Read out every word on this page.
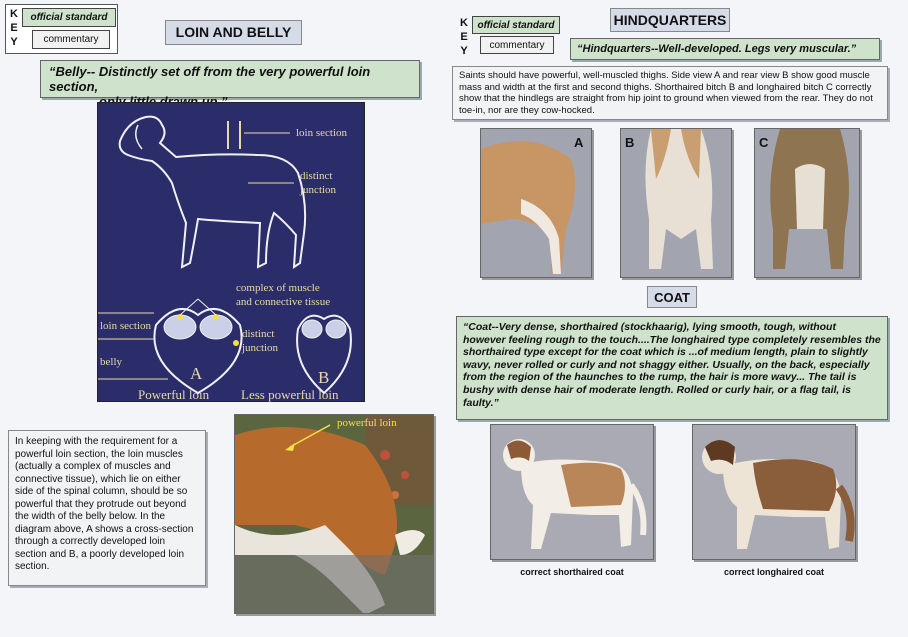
K
E
Y
official standard
commentary	LOIN AND BELLY
“Belly-- Distinctly set off from the very powerful loin section,
loin section
distinct
junction
complex of muscle
and connective tissue
loin section
belly
distinct
junction
A	B
Powerful loin Less powerful loin
In keeping with the requirement for a powerful loin section, the loin muscles (actually a complex of muscles and connective tissue), which lie on either side of the spinal column, should be so powerful that they protrude out beyond the width of the belly below. In the diagram above, A shows a cross-section through a correctly developed loin section and B, a poorly developed loin section.
powerful loin
K
E
Y
official standard
commentary
HINDQUARTERS
“Hindquarters--Well-developed. Legs very muscular.”
Saints should have powerful, well-muscled thighs. Side view A and rear view B show good muscle mass and width at the first and second thighs. Shorthaired bitch B and longhaired bitch C correctly show that the hindlegs are straight from hip joint to ground when viewed from the rear. They do not toe-in, nor are they cow-hocked.
A	B	C
COAT
“Coat--Very dense, shorthaired (stockhaarig), lying smooth, tough, without however feeling rough to the touch....The longhaired type completely resembles the shorthaired type except for the coat which is ...of medium length, plain to slightly wavy, never rolled or curly and not shaggy either. Usually, on the back, especially from the region of the haunches to the rump, the hair is more wavy... The tail is bushy with dense hair of moderate length. Rolled or curly hair, or a flag tail, is faulty.”
correct shorthaired coat	correct longhaired coat
